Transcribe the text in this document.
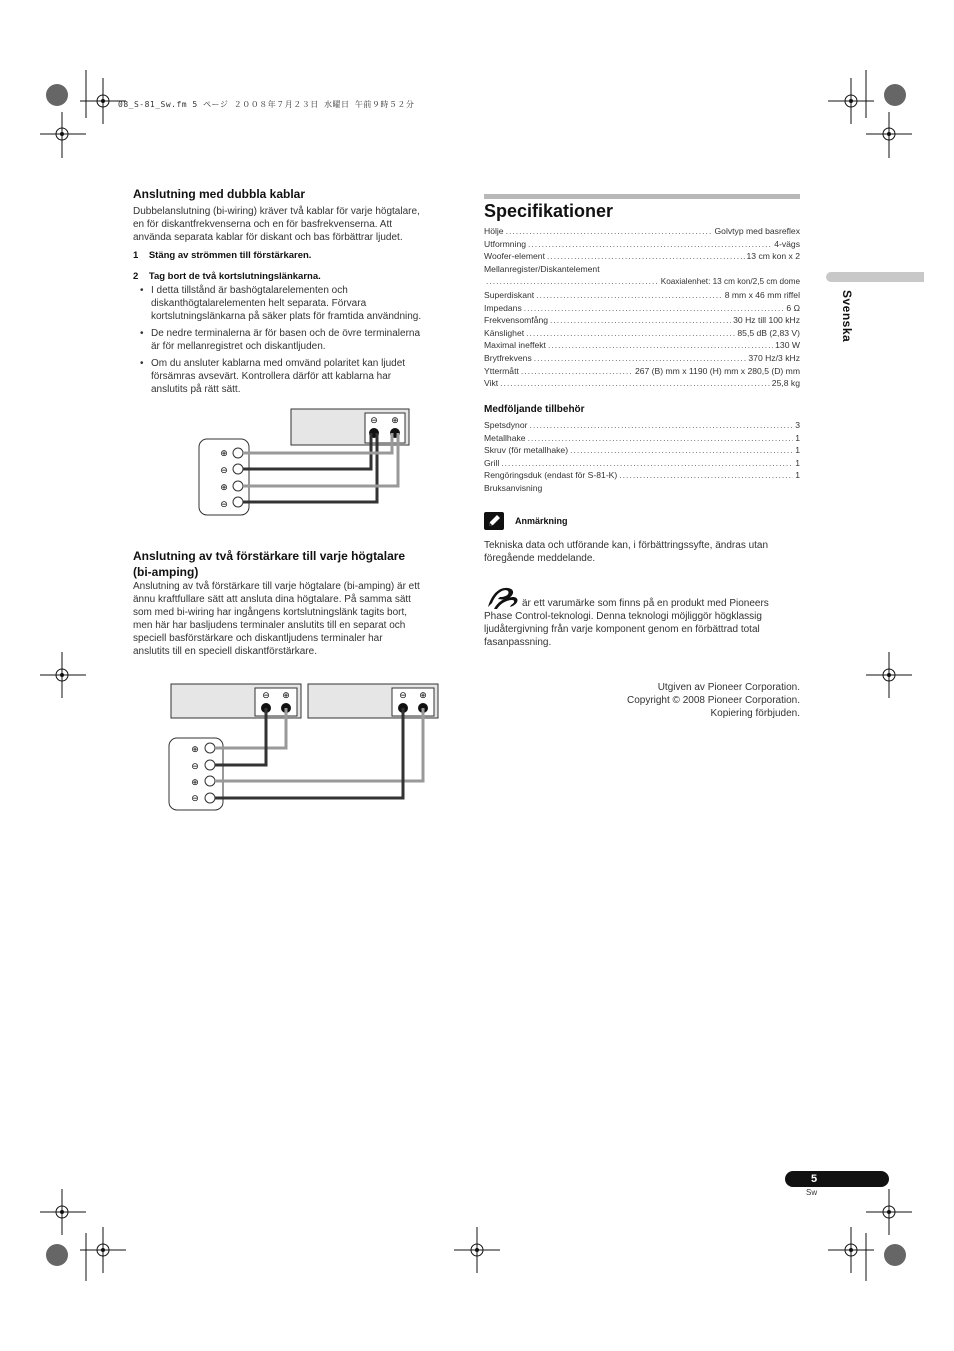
08_S-81_Sw.fm 5 ページ ２００８年７月２３日 水曜日 午前９時５２分
Anslutning med dubbla kablar
Dubbelanslutning (bi-wiring) kräver två kablar för varje högtalare,
en för diskantfrekvenserna och en för basfrekvenserna. Att
använda separata kablar för diskant och bas förbättrar ljudet.
1    Stäng av strömmen till förstärkaren.
2    Tag bort de två kortslutningslänkarna.
• I detta tillstånd är bashögtalarelementen och
diskanthögtalarelementen helt separata. Förvara
kortslutningslänkarna på säker plats för framtida användning.
• De nedre terminalerna är för basen och de övre terminalerna
är för mellanregistret och diskantljuden.
• Om du ansluter kablarna med omvänd polaritet kan ljudet
försämras avsevärt. Kontrollera därför att kablarna har
anslutits på rätt sätt.
⊖ ⊕
⊕
⊖
⊕
⊖
Anslutning av två förstärkare till varje högtalare
(bi-amping)
Anslutning av två förstärkare till varje högtalare (bi-amping) är ett
ännu kraftfullare sätt att ansluta dina högtalare. På samma sätt
som med bi-wiring har ingångens kortslutningslänk tagits bort,
men här har basljudens terminaler anslutits till en separat och
speciell basförstärkare och diskantljudens terminaler har
anslutits till en speciell diskantförstärkare.
⊖ ⊕	⊖ ⊕
⊕
⊖
⊕
⊖
Specifikationer
Hölje .....	Golvtyp med basreflex
Utformning .....	4-vägs
Woofer-element .....	13 cm kon x 2
Mellanregister/Diskantelement
.....
Koaxialenhet: 13 cm kon/2,5 cm dome
Superdiskant .....	8 mm x 46 mm riffel
Impedans .....	6 Ω
Frekvensomfång .....	30 Hz till 100 kHz
Känslighet .....	85,5 dB (2,83 V)
Maximal ineffekt .....	130 W
Brytfrekvens .....	370 Hz/3 kHz
Yttermått .....	267 (B) mm x 1190 (H) mm x 280,5 (D) mm
Vikt .....	25,8 kg
Medföljande tillbehör
Spetsdynor .....	3
Metallhake .....	1
Skruv (för metallhake) .....	1
Grill .....	1
Rengöringsduk (endast för S-81-K) .....	1
Bruksanvisning
Anmärkning
Tekniska data och utförande kan, i förbättringssyfte, ändras utan
föregående meddelande.
är ett varumärke som finns på en produkt med Pioneers
Phase Control-teknologi. Denna teknologi möjliggör högklassig
ljudåtergivning från varje komponent genom en förbättrad total
fasanpassning.
Utgiven av Pioneer Corporation.
Copyright © 2008 Pioneer Corporation.
Kopiering förbjuden.
Svenska
5
Sw
